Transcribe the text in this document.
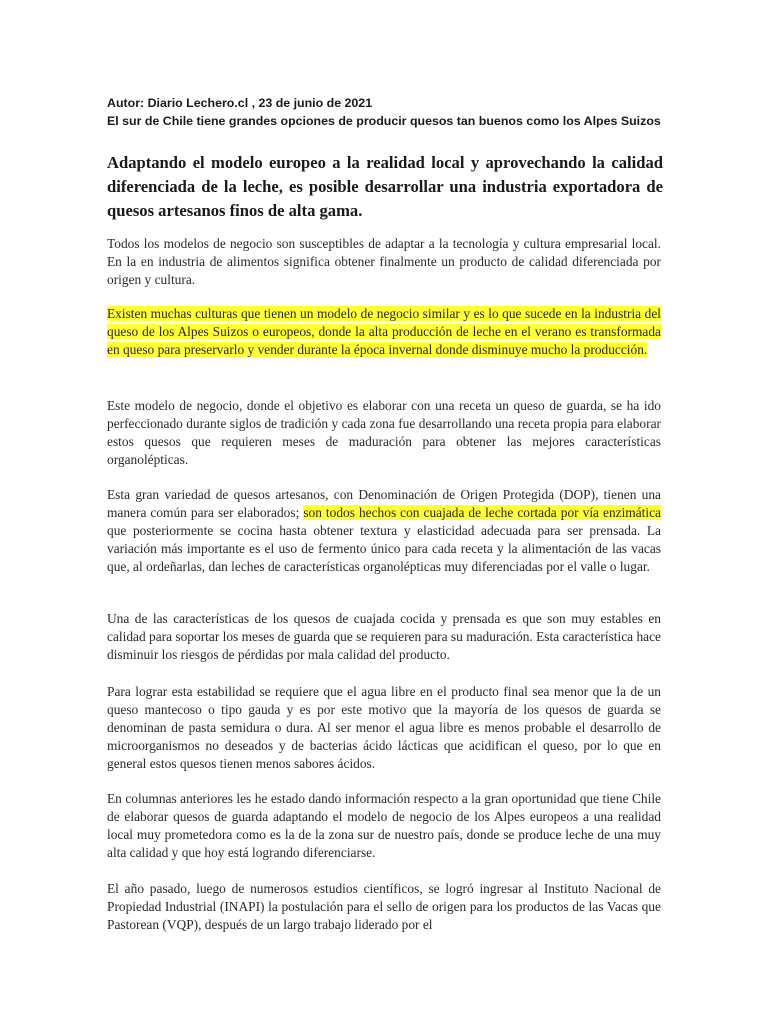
Autor: Diario Lechero.cl , 23 de junio de 2021
El sur de Chile tiene grandes opciones de producir quesos tan buenos como los Alpes Suizos
Adaptando el modelo europeo a la realidad local y aprovechando la calidad diferenciada de la leche, es posible desarrollar una industria exportadora de quesos artesanos finos de alta gama.
Todos los modelos de negocio son susceptibles de adaptar a la tecnología y cultura empresarial local. En la en industria de alimentos significa obtener finalmente un producto de calidad diferenciada por origen y cultura.
Existen muchas culturas que tienen un modelo de negocio similar y es lo que sucede en la industria del queso de los Alpes Suizos o europeos, donde la alta producción de leche en el verano es transformada en queso para preservarlo y vender durante la época invernal donde disminuye mucho la producción.
Este modelo de negocio, donde el objetivo es elaborar con una receta un queso de guarda, se ha ido perfeccionado durante siglos de tradición y cada zona fue desarrollando una receta propia para elaborar estos quesos que requieren meses de maduración para obtener las mejores características organolépticas.
Esta gran variedad de quesos artesanos, con Denominación de Origen Protegida (DOP), tienen una manera común para ser elaborados; son todos hechos con cuajada de leche cortada por vía enzimática que posteriormente se cocina hasta obtener textura y elasticidad adecuada para ser prensada. La variación más importante es el uso de fermento único para cada receta y la alimentación de las vacas que, al ordeñarlas, dan leches de características organolépticas muy diferenciadas por el valle o lugar.
Una de las características de los quesos de cuajada cocida y prensada es que son muy estables en calidad para soportar los meses de guarda que se requieren para su maduración. Esta característica hace disminuir los riesgos de pérdidas por mala calidad del producto.
Para lograr esta estabilidad se requiere que el agua libre en el producto final sea menor que la de un queso mantecoso o tipo gauda y es por este motivo que la mayoría de los quesos de guarda se denominan de pasta semidura o dura. Al ser menor el agua libre es menos probable el desarrollo de microorganismos no deseados y de bacterias ácido lácticas que acidifican el queso, por lo que en general estos quesos tienen menos sabores ácidos.
En columnas anteriores les he estado dando información respecto a la gran oportunidad que tiene Chile de elaborar quesos de guarda adaptando el modelo de negocio de los Alpes europeos a una realidad local muy prometedora como es la de la zona sur de nuestro país, donde se produce leche de una muy alta calidad y que hoy está logrando diferenciarse.
El año pasado, luego de numerosos estudios científicos, se logró ingresar al Instituto Nacional de Propiedad Industrial (INAPI) la postulación para el sello de origen para los productos de las Vacas que Pastorean (VQP), después de un largo trabajo liderado por el
